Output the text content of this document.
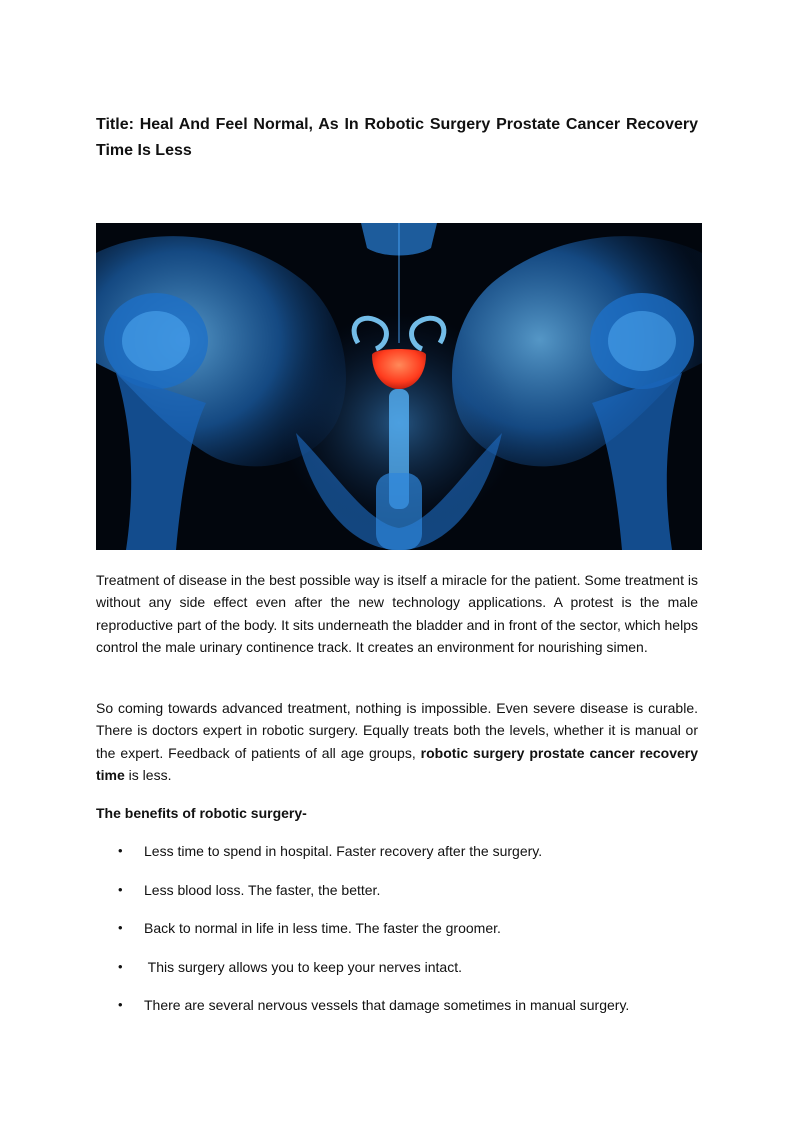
Title: Heal And Feel Normal, As In Robotic Surgery Prostate Cancer Recovery Time Is Less

Treatment of disease in the best possible way is itself a miracle for the patient. Some treatment is without any side effect even after the new technology applications. A protest is the male reproductive part of the body. It sits underneath the bladder and in front of the sector, which helps control the male urinary continence track. It creates an environment for nourishing simen.

So coming towards advanced treatment, nothing is impossible. Even severe disease is curable. There is doctors expert in robotic surgery. Equally treats both the levels, whether it is manual or the expert. Feedback of patients of all age groups, robotic surgery prostate cancer recovery time is less.

The benefits of robotic surgery-

• Less time to spend in hospital. Faster recovery after the surgery.
• Less blood loss. The faster, the better.
• Back to normal in life in less time. The faster the groomer.
• This surgery allows you to keep your nerves intact.
• There are several nervous vessels that damage sometimes in manual surgery.
